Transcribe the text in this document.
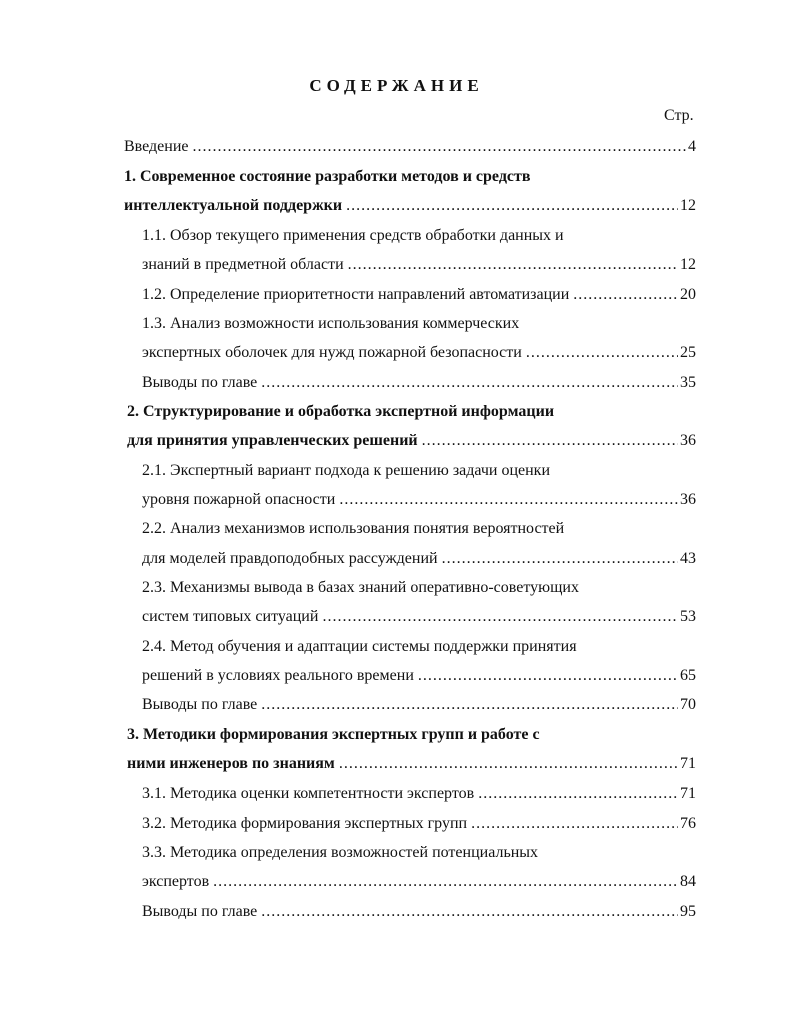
СОДЕРЖАНИЕ
Стр.
Введение .....	4
1. Современное состояние разработки методов и средств
интеллектуальной поддержки .....	12
1.1. Обзор текущего применения средств обработки данных и
знаний в предметной области .....	12
1.2. Определение приоритетности направлений автоматизации .....	20
1.3. Анализ возможности использования коммерческих
экспертных оболочек для нужд пожарной безопасности .....	25
Выводы по главе .....	35
2. Структурирование и обработка экспертной информации
для принятия управленческих решений .....	36
2.1. Экспертный вариант подхода к решению задачи оценки
уровня пожарной опасности .....	36
2.2. Анализ механизмов использования понятия вероятностей
для моделей правдоподобных рассуждений .....	43
2.3. Механизмы вывода в базах знаний оперативно-советующих
систем типовых ситуаций .....	53
2.4. Метод обучения и адаптации системы поддержки принятия
решений в условиях реального времени .....	65
Выводы по главе .....	70
3. Методики формирования экспертных групп и работе с
ними инженеров по знаниям .....	71
3.1. Методика оценки компетентности экспертов .....	71
3.2. Методика формирования экспертных групп .....	76
3.3. Методика определения возможностей потенциальных
экспертов .....	84
Выводы по главе .....	95
